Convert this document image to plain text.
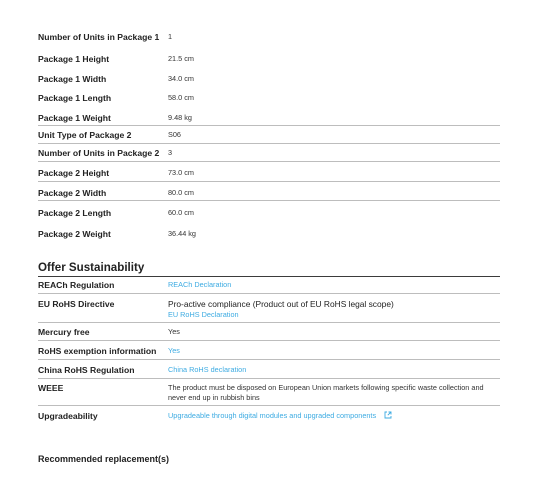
Number of Units in Package 1 1
Package 1 Height	21.5 cm
Package 1 Width	34.0 cm
Package 1 Length	58.0 cm
Package 1 Weight	9.48 kg
Unit Type of Package 2	S06
Number of Units in Package 2 3
Package 2 Height	73.0 cm
Package 2 Width	80.0 cm
Package 2 Length	60.0 cm
Package 2 Weight	36.44 kg
Offer Sustainability
REACh Regulation	REACh Declaration
EU RoHS Directive	Pro-active compliance (Product out of EU RoHS legal scope)
EU RoHS Declaration
Mercury free	Yes
RoHS exemption information Yes
China RoHS Regulation	China RoHS declaration
WEEE	The product must be disposed on European Union markets following specific waste collection and
never end up in rubbish bins
Upgradeability	Upgradeable through digital modules and upgraded components
Recommended replacement(s)
